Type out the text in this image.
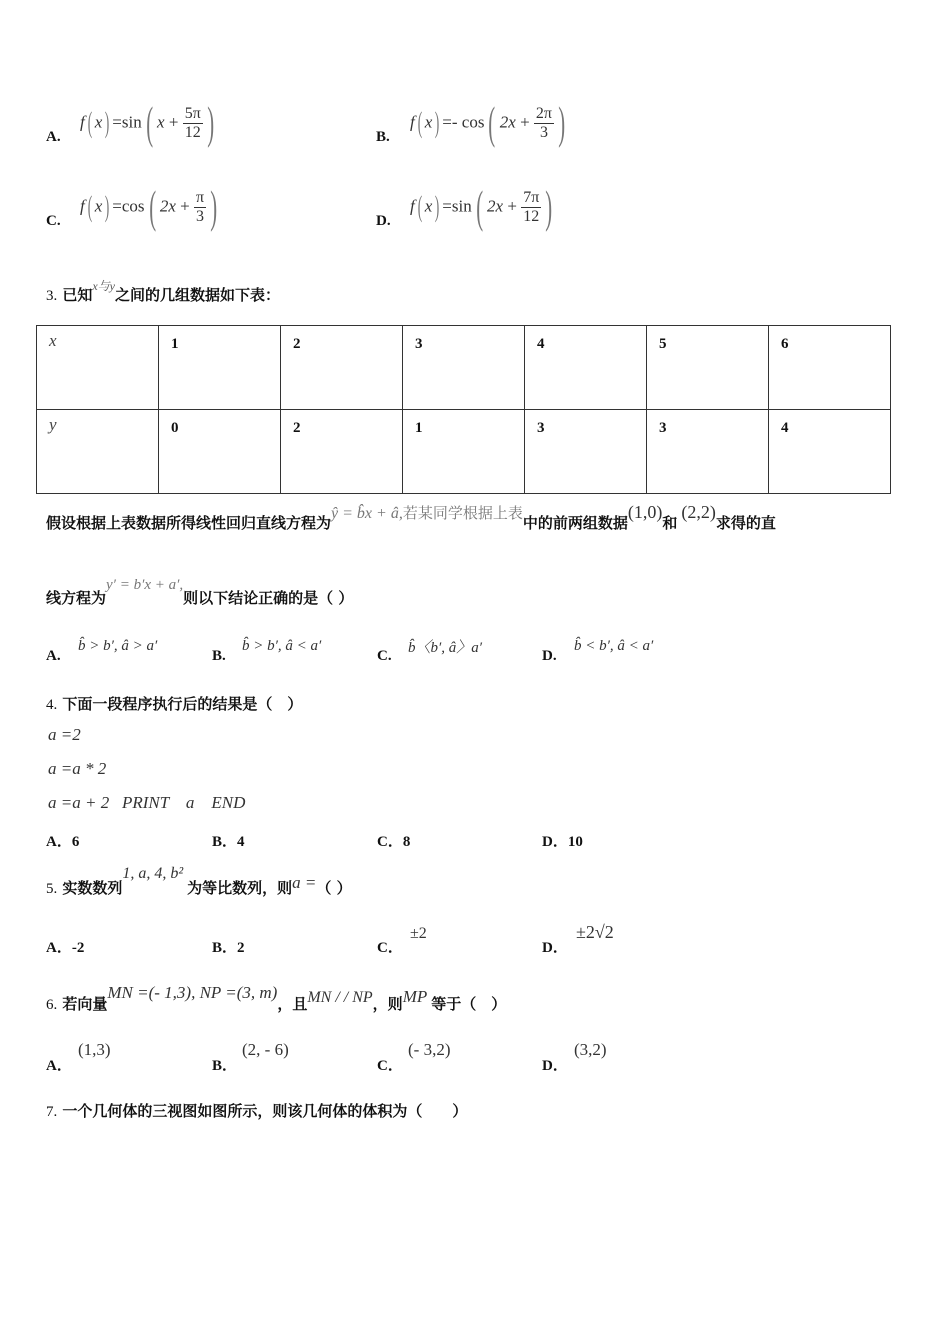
A.
f( x) =sin( $x + \frac{5\pi}{12}$ )	B.
f( x) =- cos( $2x + \frac{2\pi}{3}$ )
C.
f( x) =cos( $2x + \frac{\pi}{3}$ )	D.
f( x) =sin( $2x + \frac{7\pi}{12}$ )
3. 已知$^{x与y}$之间的几组数据如下表：
x	1	2	3	4	5	6
y	0	2	1	3	3	4
假设根据上表数据所得线性回归直线方程为ŷ = b̂x + â,若某同学根据上表中的前两组数据(1,0)和(2,2)求得的直
线方程为y′ = b′x + a′,则以下结论正确的是（ ）
A.
b̂ > b′, â > a′
B.
b̂ > b′, â < a′
C. b̂〈b′, â〉a′	D.
b̂ < b′, â < a′
4. 下面一段程序执行后的结果是（　）
a =2
a =a * 2
a =a + 2   PRINT    a    END
A．6	B．4	C．8	D．10
5. 实数数列1, a, 4, b²为等比数列，则a =（ ）
A．-2	B．2	C．
±2
D．
±2√2
6. 若向量MN =(- 1,3), NP =(3, m)，且MN / / NP，则MP 等于（　）
A．
(1,3)
B．
(2, - 6)
C．
(- 3,2)
D．
(3,2)
7. 一个几何体的三视图如图所示，则该几何体的体积为（　　）
